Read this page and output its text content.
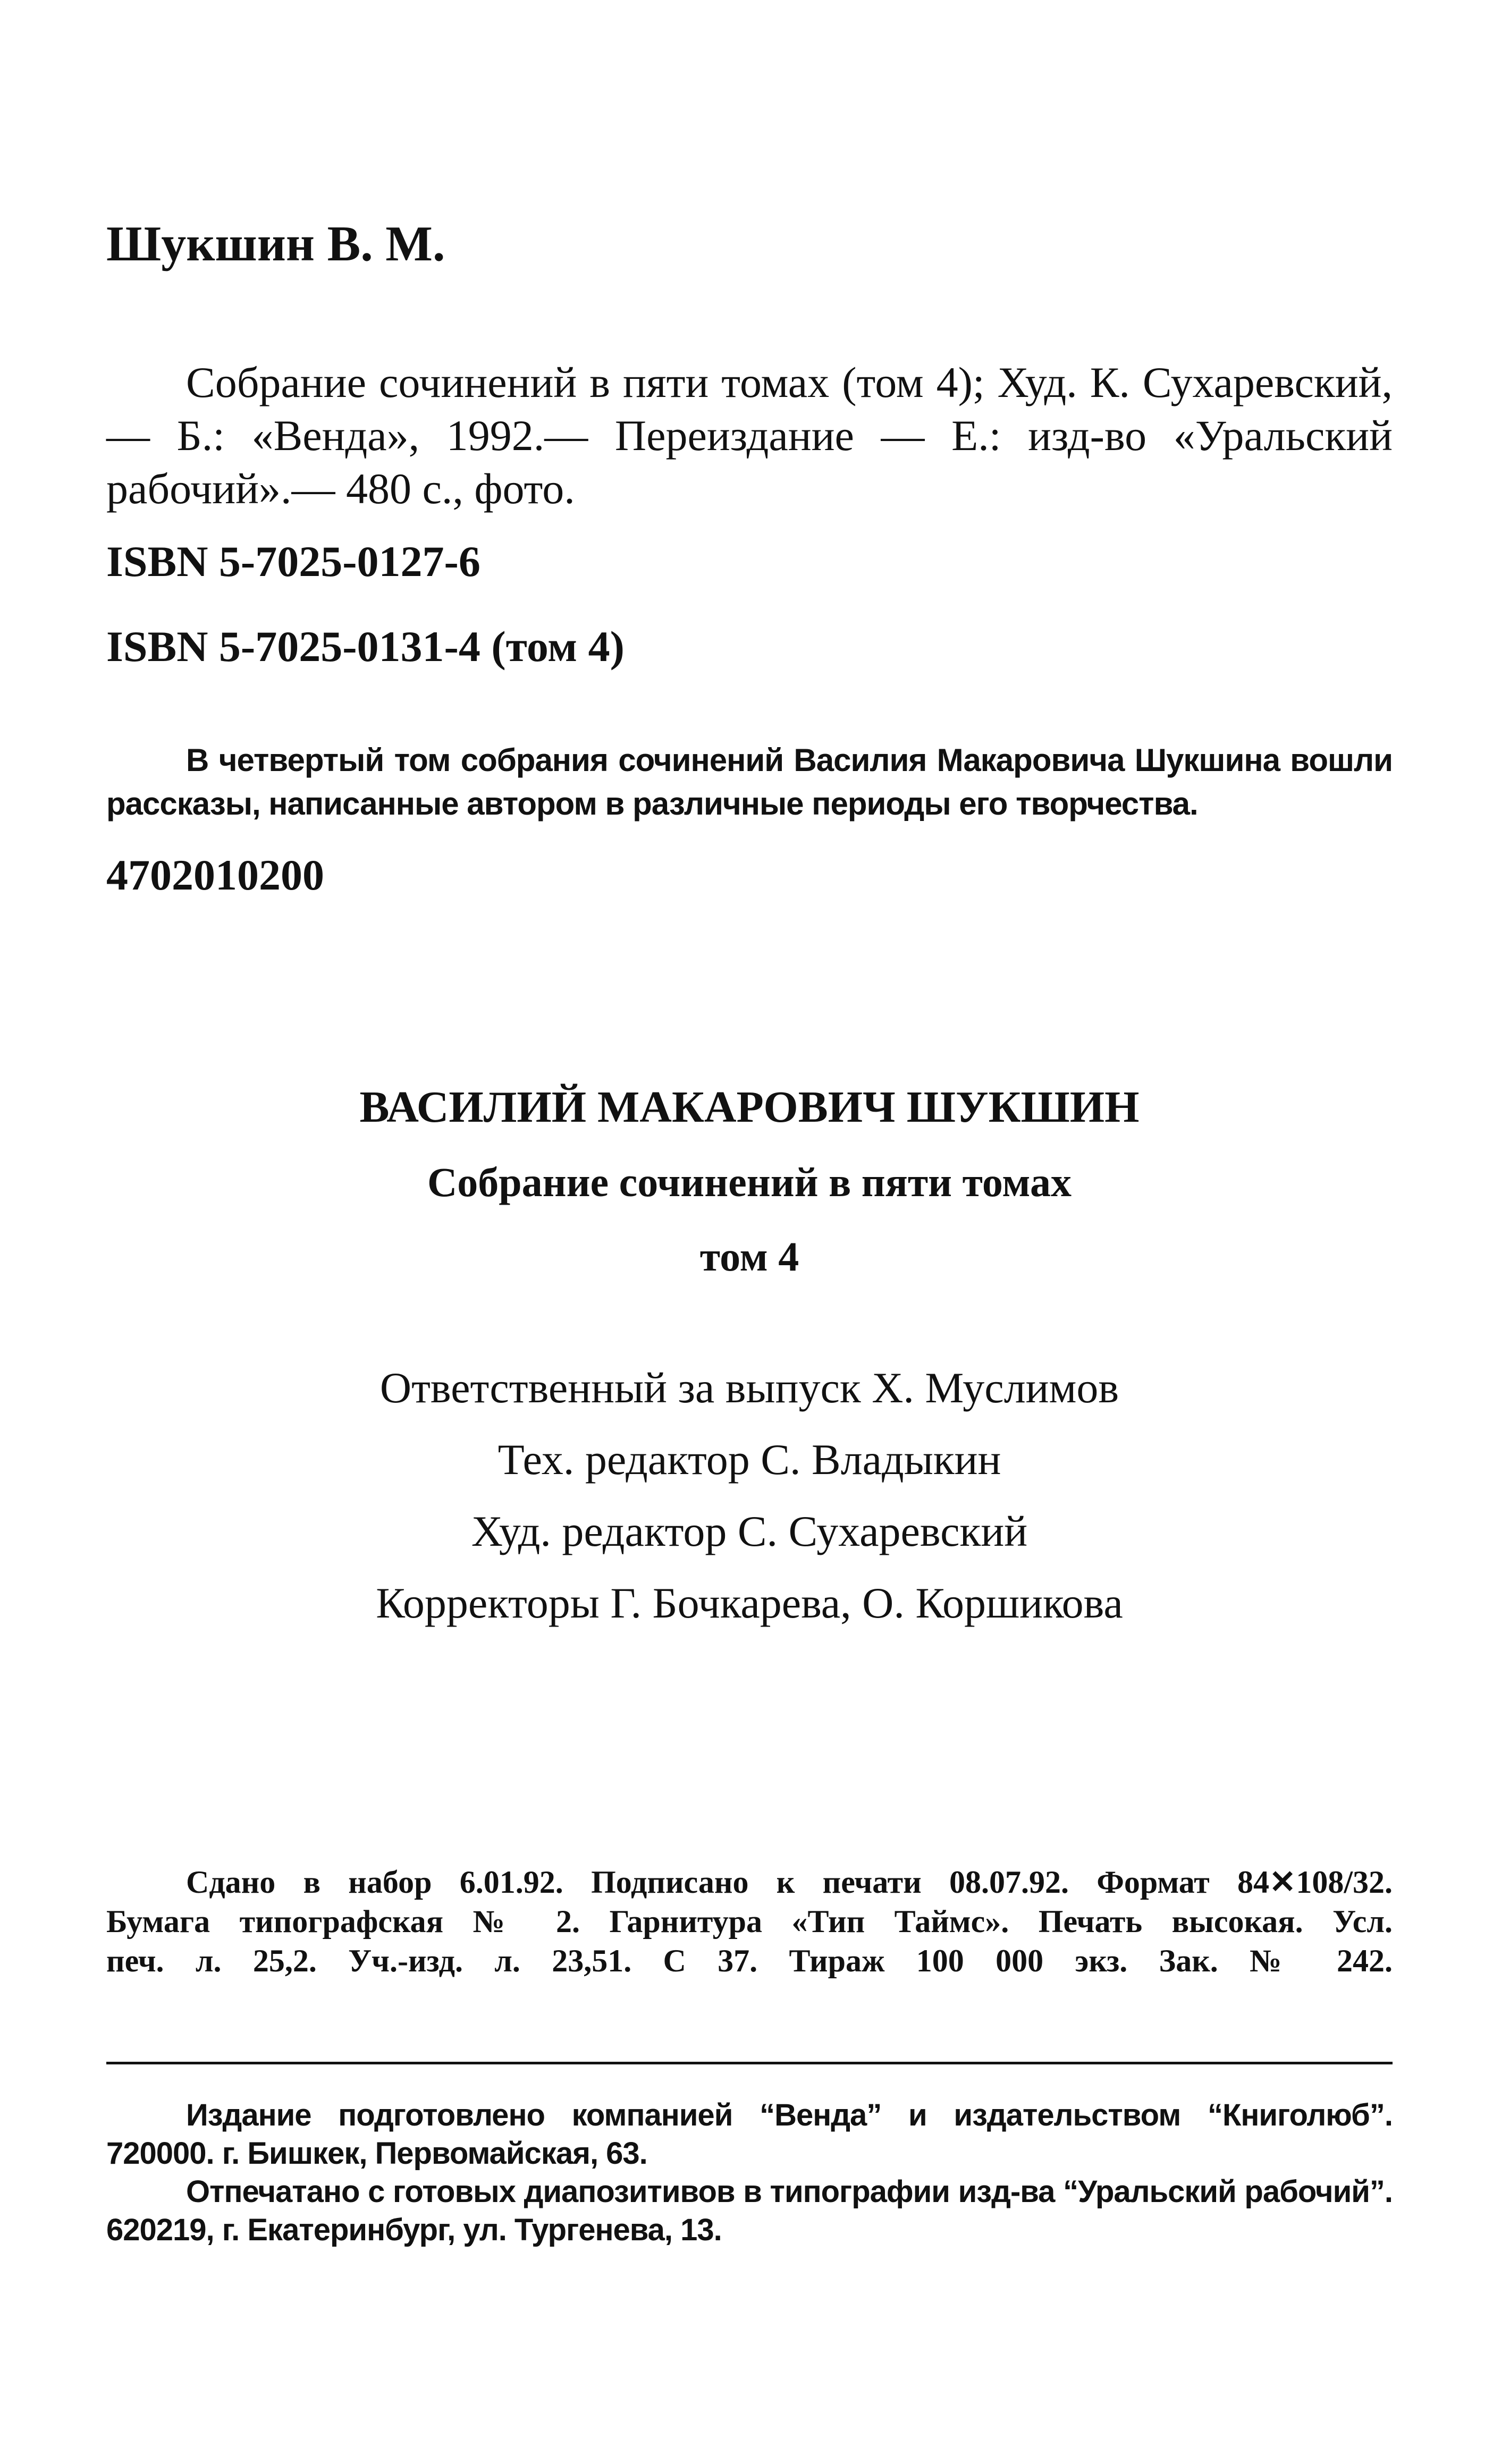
Шукшин В. М.
Собрание сочинений в пяти томах (том 4); Худ. К. Сухаревский,— Б.: «Венда», 1992.— Переиздание — Е.: изд-во «Уральский рабочий».— 480 с., фото.
ISBN 5-7025-0127-6
ISBN 5-7025-0131-4 (том 4)
В четвертый том собрания сочинений Василия Макаровича Шукшина вошли рассказы, написанные автором в различные периоды его творчества.
4702010200
ВАСИЛИЙ МАКАРОВИЧ ШУКШИН
Собрание сочинений в пяти томах
том 4
Ответственный за выпуск Х. Муслимов
Тех. редактор С. Владыкин
Худ. редактор С. Сухаревский
Корректоры Г. Бочкарева, О. Коршикова
Сдано в набор 6.01.92. Подписано к печати 08.07.92. Формат 84✕108/32.
Бумага типографская № 2. Гарнитура «Тип Таймс». Печать высокая. Усл.
печ. л. 25,2. Уч.-изд. л. 23,51. С 37. Тираж 100 000 экз. Зак. № 242.
Издание подготовлено компанией “Венда” и издательством “Книголюб”. 720000. г. Бишкек, Первомайская, 63.
Отпечатано с готовых диапозитивов в типографии изд-ва “Уральский рабочий”. 620219, г. Екатеринбург, ул. Тургенева, 13.
